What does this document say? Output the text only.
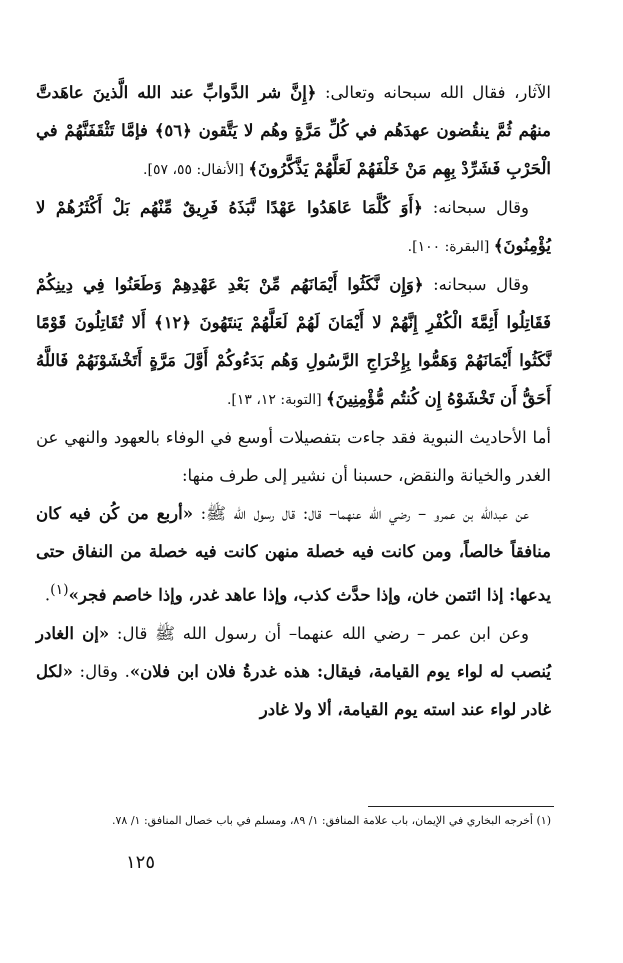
الآثار، فقال الله سبحانه وتعالى: ﴿إِنَّ شر الدَّوابِّ عند الله الَّذينَ عاهَدتَّ منهُم ثُمَّ ينقُضون عهدَهُم في كُلِّ مَرَّةٍ وهُم لا يَتَّقون ﴿٥٦﴾ فإمَّا تَثْقَفَنَّهُمْ في الْحَرْبِ فَشَرِّدْ بِهِم مَنْ خَلْفَهُمْ لَعَلَّهُمْ يَذَّكَّرُونَ﴾ [الأنفال: ٥٥، ٥٧].

وقال سبحانه: ﴿أَوَ كُلَّمَا عَاهَدُوا عَهْدًا نَّبَذَهُ فَرِيقٌ مِّنْهُم بَلْ أَكْثَرُهُمْ لا يُؤْمِنُونَ﴾ [البقرة: ١٠٠].

وقال سبحانه: ﴿وَإِن نَّكَثُوا أَيْمَانَهُم مِّنْ بَعْدِ عَهْدِهِمْ وَطَعَنُوا فِي دِينِكُمْ فَقَاتِلُوا أَئِمَّةَ الْكُفْرِ إِنَّهُمْ لا أَيْمَانَ لَهُمْ لَعَلَّهُمْ يَنتَهُونَ ﴿١٢﴾ أَلا تُقَاتِلُونَ قَوْمًا نَّكَثُوا أَيْمَانَهُمْ وَهَمُّوا بِإِخْرَاجِ الرَّسُولِ وَهُم بَدَءُوكُمْ أَوَّلَ مَرَّةٍ أَتَخْشَوْنَهُمْ فَاللَّهُ أَحَقُّ أَن تَخْشَوْهُ إِن كُنتُم مُّؤْمِنِينَ﴾ [التوبة: ١٢، ١٣].

أما الأحاديث النبوية فقد جاءت بتفصيلات أوسع في الوفاء بالعهود والنهي عن الغدر والخيانة والنقض، حسبنا أن نشير إلى طرف منها:

عن عبدالله بن عمرو – رضي الله عنهما– قال: قال رسول الله ﷺ: «أربع من كُن فيه كان منافقاً خالصاً، ومن كانت فيه خصلة منهن كانت فيه خصلة من النفاق حتى يدعها: إذا ائتمن خان، وإذا حدَّث كذب، وإذا عاهد غدر، وإذا خاصم فجر»$^{(١)}$.

وعن ابن عمر – رضي الله عنهما– أن رسول الله ﷺ قال: «إن الغادر يُنصب له لواء يوم القيامة، فيقال: هذه غدرةُ فلان ابن فلان». وقال: «لكل غادر لواء عند استه يوم القيامة، ألا ولا غادر

(١) أخرجه البخاري في الإيمان، باب علامة المنافق: ١/ ٨٩، ومسلم في باب خصال المنافق: ١/ ٧٨.
١٢٥
